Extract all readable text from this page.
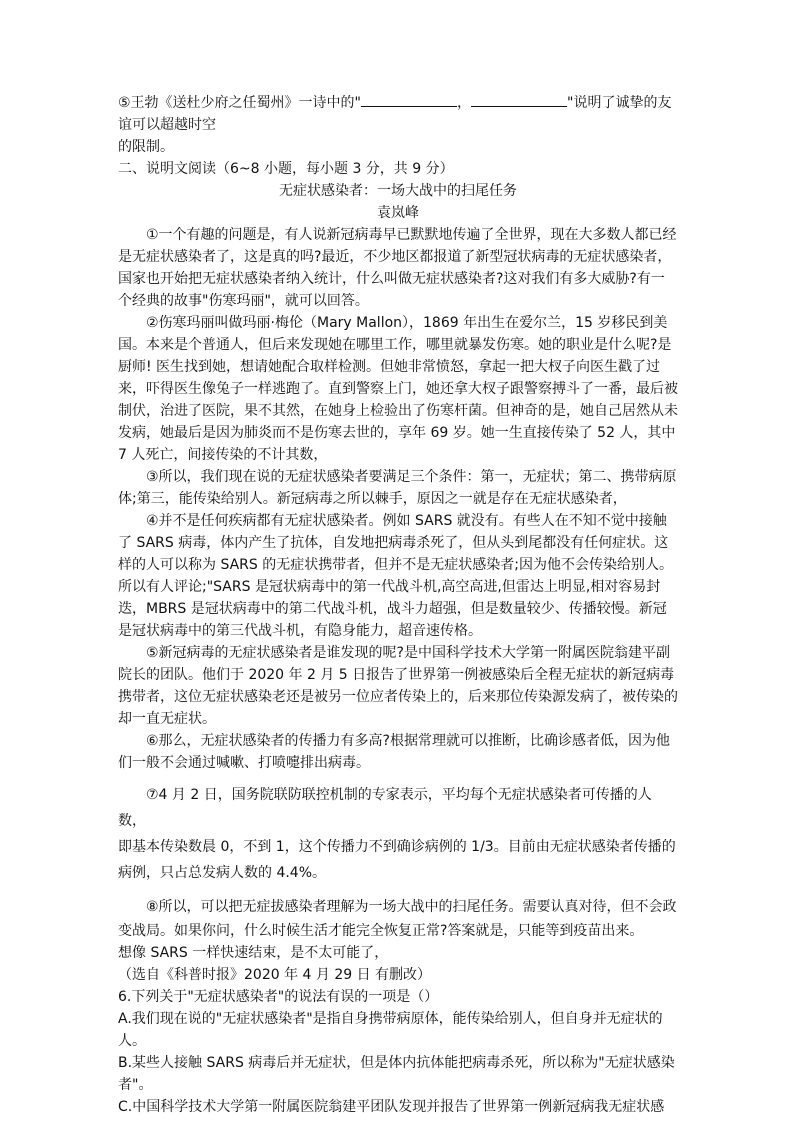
⑤王勃《送杜少府之任蜀州》一诗中的"	，	"说明了诚挚的友谊可以超越时空
的限制。
二、说明文阅读（6~8 小题，每小题 3 分，共 9 分）
无症状感染者：一场大战中的扫尾任务
袁岚峰

①一个有趣的问题是，有人说新冠病毒早已默默地传遍了全世界，现在大多数人都已经是无症状感染者了，这是真的吗?最近，不少地区都报道了新型冠状病毒的无症状感染者，国家也开始把无症状感染者纳入统计，什么叫做无症状感染者?这对我们有多大威胁?有一个经典的故事"伤寒玛丽"，就可以回答。

②伤寒玛丽叫做玛丽·梅伦（Mary Mallon），1869 年出生在爱尔兰，15 岁移民到美国。本来是个普通人，但后来发现她在哪里工作，哪里就暴发伤寒。她的职业是什么呢?是厨师! 医生找到她，想请她配合取样检测。但她非常愤怒，拿起一把大杈子向医生戳了过来，吓得医生像兔子一样逃跑了。直到警察上门，她还拿大杈子跟警察搏斗了一番，最后被制伏，治进了医院，果不其然，在她身上检验出了伤寒杆菌。但神奇的是，她自己居然从未发病，她最后是因为肺炎而不是伤寒去世的，享年 69 岁。她一生直接传染了 52 人，其中 7 人死亡，间接传染的不计其数，

③所以，我们现在说的无症状感染者要满足三个条件：第一，无症状；第二、携带病原体;第三，能传染给别人。新冠病毒之所以棘手，原因之一就是存在无症状感染者，

④并不是任何疾病都有无症状感染者。例如 SARS 就没有。有些人在不知不觉中接触了 SARS 病毒，体内产生了抗体，自发地把病毒杀死了，但从头到尾都没有任何症状。这样的人可以称为 SARS 的无症状携带者，但并不是无症状感染者;因为他不会传染给别人。所以有人评论;"SARS 是冠状病毒中的第一代战斗机,高空高进,但雷达上明显,相对容易封迭，MBRS 是冠状病毒中的第二代战斗机，战斗力超强，但是数量较少、传播较慢。新冠是冠状病毒中的第三代战斗机，有隐身能力，超音速传格。

⑤新冠病毒的无症状感染者是谁发现的呢?是中国科学技术大学第一附属医院翁建平副院长的团队。他们于 2020 年 2 月 5 日报告了世界第一例被感染后全程无症状的新冠病毒携带者，这位无症状感染老还是被另一位应者传染上的，后来那位传染源发病了，被传染的却一直无症状。

⑥那么，无症状感染者的传播力有多高?根据常理就可以推断，比确诊感者低，因为他们一般不会通过喊嗽、打喷嚏排出病毒。

⑦4 月 2 日，国务院联防联控机制的专家表示，平均每个无症状感染者可传播的人数，
即基本传染数晨 0，不到 1，这个传播力不到确诊病例的 1/3。目前由无症状感染者传播的病例，只占总发病人数的 4.4%。
⑧所以，可以把无症拔感染者理解为一场大战中的扫尾任务。需要认真对待，但不会政
变战局。如果你问，什么时候生活才能完全恢复正常?答案就是，只能等到疫苗出来。
想像 SARS 一样快速结束，是不太可能了，
（选自《科普时报》2020 年 4 月 29 日 有删改）
6.下列关于"无症状感染者"的说法有误的一项是（）
A.我们现在说的"无症状感染者"是指自身携带病原体，能传染给别人，但自身并无症状的人。
B.某些人接触 SARS 病毒后并无症状，但是体内抗体能把病毒杀死，所以称为"无症状感染者"。
C.中国科学技术大学第一附属医院翁建平团队发现并报告了世界第一例新冠病我无症状感
